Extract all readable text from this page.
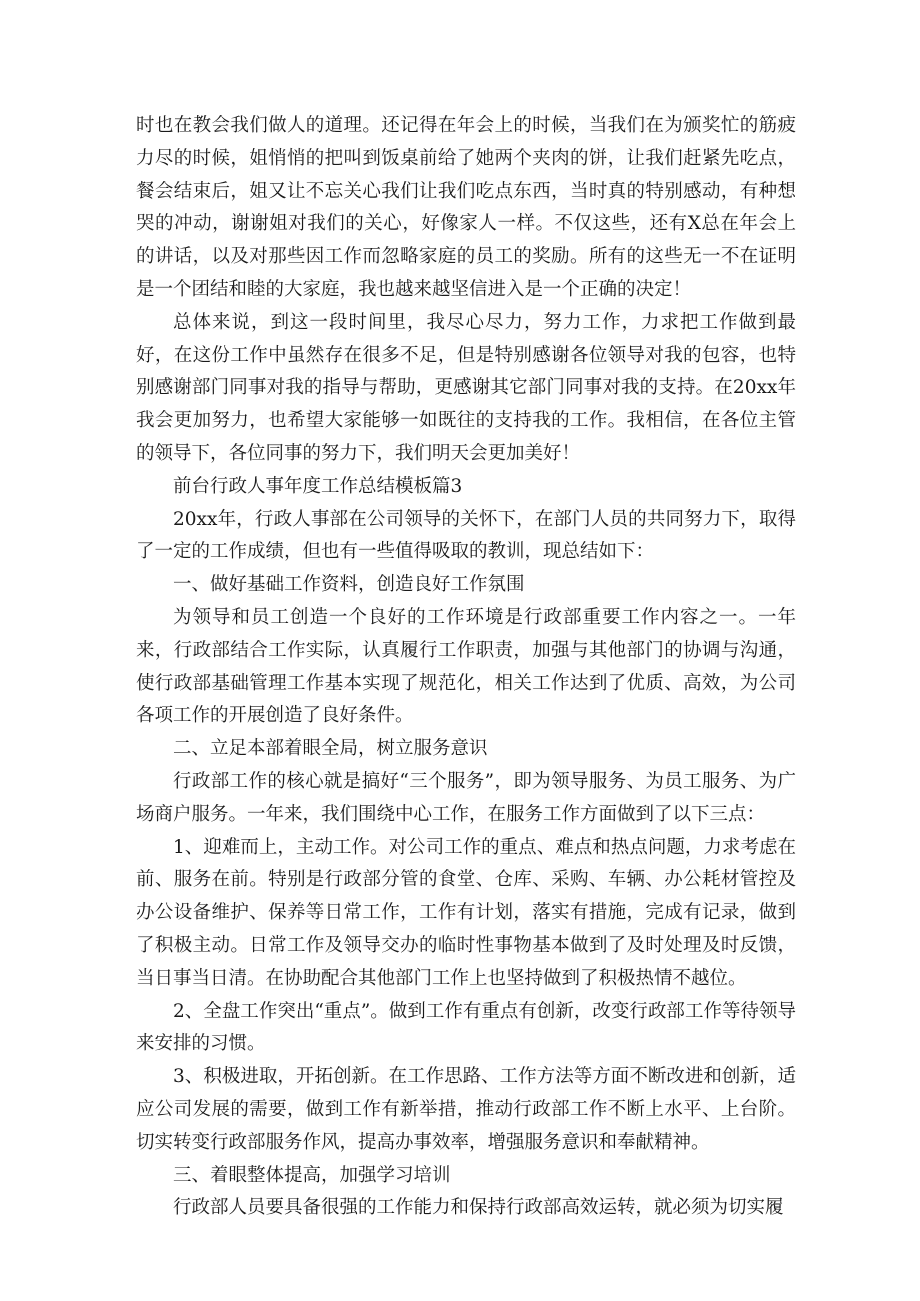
时也在教会我们做人的道理。还记得在年会上的时候，当我们在为颁奖忙的筋疲力尽的时候，姐悄悄的把叫到饭桌前给了她两个夹肉的饼，让我们赶紧先吃点，餐会结束后，姐又让不忘关心我们让我们吃点东西，当时真的特别感动，有种想哭的冲动，谢谢姐对我们的关心，好像家人一样。不仅这些，还有X总在年会上的讲话，以及对那些因工作而忽略家庭的员工的奖励。所有的这些无一不在证明是一个团结和睦的大家庭，我也越来越坚信进入是一个正确的决定！

总体来说，到这一段时间里，我尽心尽力，努力工作，力求把工作做到最好，在这份工作中虽然存在很多不足，但是特别感谢各位领导对我的包容，也特别感谢部门同事对我的指导与帮助，更感谢其它部门同事对我的支持。在20xx年我会更加努力，也希望大家能够一如既往的支持我的工作。我相信，在各位主管的领导下，各位同事的努力下，我们明天会更加美好！

前台行政人事年度工作总结模板篇3

20xx年，行政人事部在公司领导的关怀下，在部门人员的共同努力下，取得了一定的工作成绩，但也有一些值得吸取的教训，现总结如下：

一、做好基础工作资料，创造良好工作氛围

为领导和员工创造一个良好的工作环境是行政部重要工作内容之一。一年来，行政部结合工作实际，认真履行工作职责，加强与其他部门的协调与沟通，使行政部基础管理工作基本实现了规范化，相关工作达到了优质、高效，为公司各项工作的开展创造了良好条件。

二、立足本部着眼全局，树立服务意识

行政部工作的核心就是搞好“三个服务”，即为领导服务、为员工服务、为广场商户服务。一年来，我们围绕中心工作，在服务工作方面做到了以下三点：

1、迎难而上，主动工作。对公司工作的重点、难点和热点问题，力求考虑在前、服务在前。特别是行政部分管的食堂、仓库、采购、车辆、办公耗材管控及办公设备维护、保养等日常工作，工作有计划，落实有措施，完成有记录，做到了积极主动。日常工作及领导交办的临时性事物基本做到了及时处理及时反馈，当日事当日清。在协助配合其他部门工作上也坚持做到了积极热情不越位。

2、全盘工作突出“重点”。做到工作有重点有创新，改变行政部工作等待领导来安排的习惯。

3、积极进取，开拓创新。在工作思路、工作方法等方面不断改进和创新，适应公司发展的需要，做到工作有新举措，推动行政部工作不断上水平、上台阶。切实转变行政部服务作风，提高办事效率，增强服务意识和奉献精神。

三、着眼整体提高，加强学习培训

行政部人员要具备很强的工作能力和保持行政部高效运转，就必须为切实履
